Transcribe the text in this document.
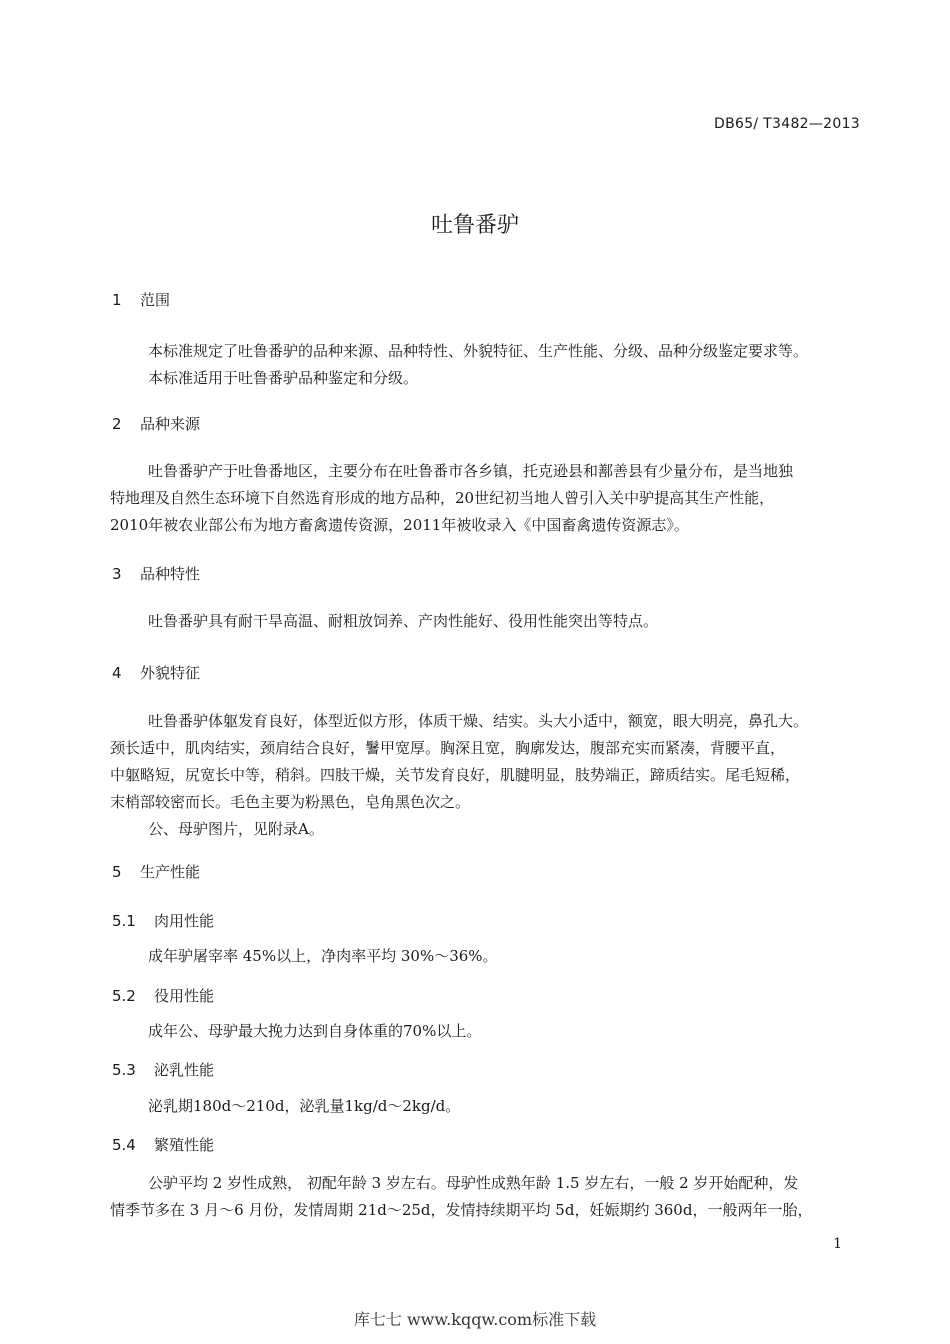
DB65/ T3482—2013
吐鲁番驴
1 范围
本标准规定了吐鲁番驴的品种来源、品种特性、外貌特征、生产性能、分级、品种分级鉴定要求等。
本标准适用于吐鲁番驴品种鉴定和分级。
2 品种来源
吐鲁番驴产于吐鲁番地区，主要分布在吐鲁番市各乡镇，托克逊县和鄯善县有少量分布，是当地独
特地理及自然生态环境下自然选育形成的地方品种，20世纪初当地人曾引入关中驴提高其生产性能，
2010年被农业部公布为地方畜禽遗传资源，2011年被收录入《中国畜禽遗传资源志》。
3 品种特性
吐鲁番驴具有耐干旱高温、耐粗放饲养、产肉性能好、役用性能突出等特点。
4 外貌特征
吐鲁番驴体躯发育良好，体型近似方形，体质干燥、结实。头大小适中，额宽，眼大明亮，鼻孔大。
颈长适中，肌肉结实，颈肩结合良好，鬐甲宽厚。胸深且宽，胸廓发达，腹部充实而紧凑，背腰平直，
中躯略短，尻宽长中等，稍斜。四肢干燥，关节发育良好，肌腱明显，肢势端正，蹄质结实。尾毛短稀，
末梢部较密而长。毛色主要为粉黑色，皂角黑色次之。
公、母驴图片，见附录A。
5 生产性能
5.1 肉用性能
成年驴屠宰率 45%以上，净肉率平均 30%～36%。
5.2 役用性能
成年公、母驴最大挽力达到自身体重的70%以上。
5.3 泌乳性能
泌乳期180d～210d，泌乳量1kg/d～2kg/d。
5.4 繁殖性能
公驴平均 2 岁性成熟， 初配年龄 3 岁左右。母驴性成熟年龄 1.5 岁左右，一般 2 岁开始配种，发
情季节多在 3 月～6 月份，发情周期 21d～25d，发情持续期平均 5d，妊娠期约 360d，一般两年一胎，
1
库七七 www.kqqw.com标准下载
